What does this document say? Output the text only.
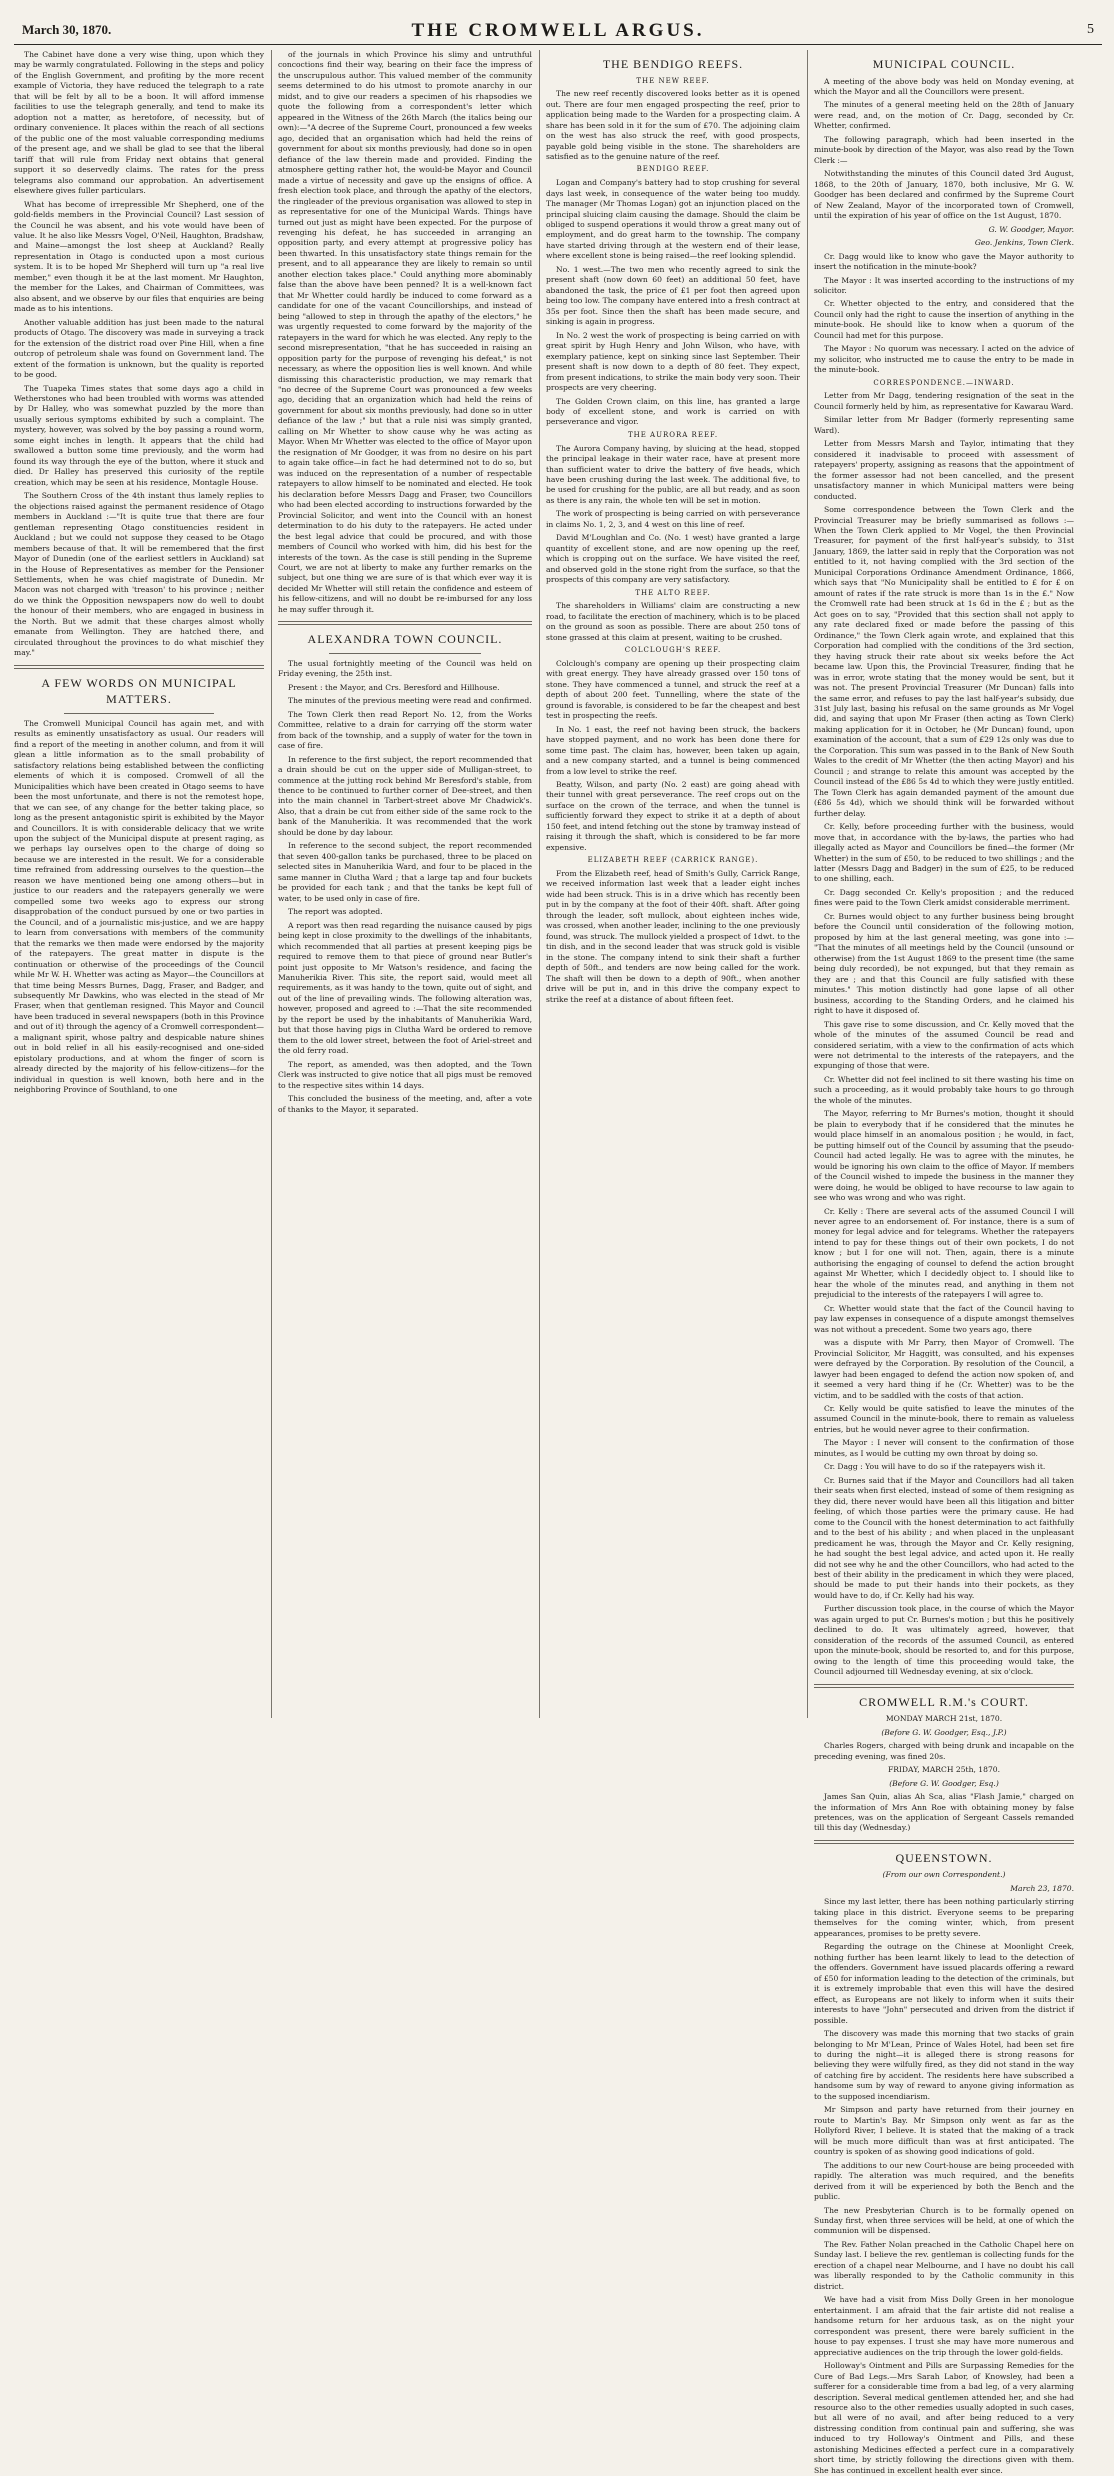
March 30, 1870.	THE CROMWELL ARGUS.	5

The Cabinet have done a very wise thing, upon which they may be warmly congratulated. Following in the steps and policy of the English Government, and profiting by the more recent example of Victoria, they have reduced the telegraph to a rate that will be felt by all to be a boon. It will afford immense facilities to use the telegraph generally, and tend to make its adoption not a matter, as heretofore, of necessity, but of ordinary convenience. It places within the reach of all sections of the public one of the most valuable corresponding mediums of the present age, and we shall be glad to see that the liberal tariff that will rule from Friday next obtains that general support it so deservedly claims. The rates for the press telegrams also command our approbation. An advertisement elsewhere gives fuller particulars.

What has become of irrepressible Mr Shepherd, one of the gold-fields members in the Provincial Council? Last session of the Council he was absent, and his vote would have been of value. It he also like Messrs Vogel, O'Neil, Haughton, Bradshaw, and Maine—amongst the lost sheep at Auckland? Really representation in Otago is conducted upon a most curious system. It is to be hoped Mr Shepherd will turn up "a real live member," even though it be at the last moment. Mr Haughton, the member for the Lakes, and Chairman of Committees, was also absent, and we observe by our files that enquiries are being made as to his intentions.

Another valuable addition has just been made to the natural products of Otago. The discovery was made in surveying a track for the extension of the district road over Pine Hill, when a fine outcrop of petroleum shale was found on Government land. The extent of the formation is unknown, but the quality is reported to be good.

The Tuapeka Times states that some days ago a child in Wetherstones who had been troubled with worms was attended by Dr Halley, who was somewhat puzzled by the more than usually serious symptoms exhibited by such a complaint. The mystery, however, was solved by the boy passing a round worm, some eight inches in length. It appears that the child had swallowed a button some time previously, and the worm had found its way through the eye of the button, where it stuck and died. Dr Halley has preserved this curiosity of the reptile creation, which may be seen at his residence, Montagle House.

The Southern Cross of the 4th instant thus lamely replies to the objections raised against the permanent residence of Otago members in Auckland :—"It is quite true that there are four gentleman representing Otago constituencies resident in Auckland ; but we could not suppose they ceased to be Otago members because of that. It will be remembered that the first Mayor of Dunedin (one of the earliest settlers in Auckland) sat in the House of Representatives as member for the Pensioner Settlements, when he was chief magistrate of Dunedin. Mr Macon was not charged with 'treason' to his province ; neither do we think the Opposition newspapers now do well to doubt the honour of their members, who are engaged in business in the North. But we admit that these charges almost wholly emanate from Wellington. They are hatched there, and circulated throughout the provinces to do what mischief they may."

A FEW WORDS ON MUNICIPAL MATTERS.

The Cromwell Municipal Council has again met, and with results as eminently unsatisfactory as usual. Our readers will find a report of the meeting in another column, and from it will glean a little information as to the small probability of satisfactory relations being established between the conflicting elements of which it is composed. Cromwell of all the Municipalities which have been created in Otago seems to have been the most unfortunate, and there is not the remotest hope, that we can see, of any change for the better taking place, so long as the present antagonistic spirit is exhibited by the Mayor and Councillors. It is with considerable delicacy that we write upon the subject of the Municipal dispute at present raging, as we perhaps lay ourselves open to the charge of doing so because we are interested in the result. We for a considerable time refrained from addressing ourselves to the question—the reason we have mentioned being one among others—but in justice to our readers and the ratepayers generally we were compelled some two weeks ago to express our strong disapprobation of the conduct pursued by one or two parties in the Council, and of a journalistic mis-justice, and we are happy to learn from conversations with members of the community that the remarks we then made were endorsed by the majority of the ratepayers. The great matter in dispute is the continuation or otherwise of the proceedings of the Council while Mr W. H. Whetter was acting as Mayor—the Councillors at that time being Messrs Burnes, Dagg, Fraser, and Badger, and subsequently Mr Dawkins, who was elected in the stead of Mr Fraser, when that gentleman resigned. This Mayor and Council have been traduced in several newspapers (both in this Province and out of it) through the agency of a Cromwell correspondent—a malignant spirit, whose paltry and despicable nature shines out in bold relief in all his easily-recognised and one-sided epistolary productions, and at whom the finger of scorn is already directed by the majority of his fellow-citizens—for the individual in question is well known, both here and in the neighboring Province of Southland, to one

of the journals in which Province his slimy and untruthful concoctions find their way, bearing on their face the impress of the unscrupulous author. This valued member of the community seems determined to do his utmost to promote anarchy in our midst, and to give our readers a specimen of his rhapsodies we quote the following from a correspondent's letter which appeared in the Witness of the 26th March (the italics being our own):—"A decree of the Supreme Court, pronounced a few weeks ago, decided that an organisation which had held the reins of government for about six months previously, had done so in open defiance of the law therein made and provided. Finding the atmosphere getting rather hot, the would-be Mayor and Council made a virtue of necessity and gave up the ensigns of office. A fresh election took place, and through the apathy of the electors, the ringleader of the previous organisation was allowed to step in as representative for one of the Municipal Wards. Things have turned out just as might have been expected. For the purpose of revenging his defeat, he has succeeded in arranging an opposition party, and every attempt at progressive policy has been thwarted. In this unsatisfactory state things remain for the present, and to all appearance they are likely to remain so until another election takes place." Could anything more abominably false than the above have been penned? It is a well-known fact that Mr Whetter could hardly be induced to come forward as a candidate for one of the vacant Councillorships, and instead of being "allowed to step in through the apathy of the electors," he was urgently requested to come forward by the majority of the ratepayers in the ward for which he was elected. Any reply to the second misrepresentation, "that he has succeeded in raising an opposition party for the purpose of revenging his defeat," is not necessary, as where the opposition lies is well known. And while dismissing this characteristic production, we may remark that "no decree of the Supreme Court was pronounced a few weeks ago, deciding that an organization which had held the reins of government for about six months previously, had done so in utter defiance of the law ;" but that a rule nisi was simply granted, calling on Mr Whetter to show cause why he was acting as Mayor. When Mr Whetter was elected to the office of Mayor upon the resignation of Mr Goodger, it was from no desire on his part to again take office—in fact he had determined not to do so, but was induced on the representation of a number of respectable ratepayers to allow himself to be nominated and elected. He took his declaration before Messrs Dagg and Fraser, two Councillors who had been elected according to instructions forwarded by the Provincial Solicitor, and went into the Council with an honest determination to do his duty to the ratepayers. He acted under the best legal advice that could be procured, and with those members of Council who worked with him, did his best for the interests of the town. As the case is still pending in the Supreme Court, we are not at liberty to make any further remarks on the subject, but one thing we are sure of is that which ever way it is decided Mr Whetter will still retain the confidence and esteem of his fellow-citizens, and will no doubt be re-imbursed for any loss he may suffer through it.

ALEXANDRA TOWN COUNCIL.

The usual fortnightly meeting of the Council was held on Friday evening, the 25th inst.

Present : the Mayor, and Crs. Beresford and Hillhouse.

The minutes of the previous meeting were read and confirmed.

The Town Clerk then read Report No. 12, from the Works Committee, relative to a drain for carrying off the storm water from back of the township, and a supply of water for the town in case of fire.

In reference to the first subject, the report recommended that a drain should be cut on the upper side of Mulligan-street, to commence at the jutting rock behind Mr Beresford's stable, from thence to be continued to further corner of Dee-street, and then into the main channel in Tarbert-street above Mr Chadwick's. Also, that a drain be cut from either side of the same rock to the bank of the Manuherikia. It was recommended that the work should be done by day labour.

In reference to the second subject, the report recommended that seven 400-gallon tanks be purchased, three to be placed on selected sites in Manuherikia Ward, and four to be placed in the same manner in Clutha Ward ; that a large tap and four buckets be provided for each tank ; and that the tanks be kept full of water, to be used only in case of fire.

The report was adopted.

A report was then read regarding the nuisance caused by pigs being kept in close proximity to the dwellings of the inhabitants, which recommended that all parties at present keeping pigs be required to remove them to that piece of ground near Butler's point just opposite to Mr Watson's residence, and facing the Manuherikia River. This site, the report said, would meet all requirements, as it was handy to the town, quite out of sight, and out of the line of prevailing winds. The following alteration was, however, proposed and agreed to :—That the site recommended by the report be used by the inhabitants of Manuherikia Ward, but that those having pigs in Clutha Ward be ordered to remove them to the old lower street, between the foot of Ariel-street and the old ferry road.

The report, as amended, was then adopted, and the Town Clerk was instructed to give notice that all pigs must be removed to the respective sites within 14 days.

This concluded the business of the meeting, and, after a vote of thanks to the Mayor, it separated.

THE BENDIGO REEFS.
THE NEW REEF.

The new reef recently discovered looks better as it is opened out. There are four men engaged prospecting the reef, prior to application being made to the Warden for a prospecting claim. A share has been sold in it for the sum of £70. The adjoining claim on the west has also struck the reef, with good prospects, payable gold being visible in the stone. The shareholders are satisfied as to the genuine nature of the reef.

BENDIGO REEF.

Logan and Company's battery had to stop crushing for several days last week, in consequence of the water being too muddy. The manager (Mr Thomas Logan) got an injunction placed on the principal sluicing claim causing the damage. Should the claim be obliged to suspend operations it would throw a great many out of employment, and do great harm to the township. The company have started driving through at the western end of their lease, where excellent stone is being raised—the reef looking splendid.

No. 1 west.—The two men who recently agreed to sink the present shaft (now down 60 feet) an additional 50 feet, have abandoned the task, the price of £1 per foot then agreed upon being too low. The company have entered into a fresh contract at 35s per foot. Since then the shaft has been made secure, and sinking is again in progress.

In No. 2 west the work of prospecting is being carried on with great spirit by Hugh Henry and John Wilson, who have, with exemplary patience, kept on sinking since last September. Their present shaft is now down to a depth of 80 feet. They expect, from present indications, to strike the main body very soon. Their prospects are very cheering.

The Golden Crown claim, on this line, has granted a large body of excellent stone, and work is carried on with perseverance and vigor.

THE AURORA REEF.

The Aurora Company having, by sluicing at the head, stopped the principal leakage in their water race, have at present more than sufficient water to drive the battery of five heads, which have been crushing during the last week. The additional five, to be used for crushing for the public, are all but ready, and as soon as there is any rain, the whole ten will be set in motion.

The work of prospecting is being carried on with perseverance in claims No. 1, 2, 3, and 4 west on this line of reef.

David M'Loughlan and Co. (No. 1 west) have granted a large quantity of excellent stone, and are now opening up the reef, which is cropping out on the surface. We have visited the reef, and observed gold in the stone right from the surface, so that the prospects of this company are very satisfactory.

THE ALTO REEF.

The shareholders in Williams' claim are constructing a new road, to facilitate the erection of machinery, which is to be placed on the ground as soon as possible. There are about 250 tons of stone grassed at this claim at present, waiting to be crushed.

COLCLOUGH'S REEF.

Colclough's company are opening up their prospecting claim with great energy. They have already grassed over 150 tons of stone. They have commenced a tunnel, and struck the reef at a depth of about 200 feet. Tunnelling, where the state of the ground is favorable, is considered to be far the cheapest and best test in prospecting the reefs.

In No. 1 east, the reef not having been struck, the backers have stopped payment, and no work has been done there for some time past. The claim has, however, been taken up again, and a new company started, and a tunnel is being commenced from a low level to strike the reef.

Beatty, Wilson, and party (No. 2 east) are going ahead with their tunnel with great perseverance. The reef crops out on the surface on the crown of the terrace, and when the tunnel is sufficiently forward they expect to strike it at a depth of about 150 feet, and intend fetching out the stone by tramway instead of raising it through the shaft, which is considered to be far more expensive.

ELIZABETH REEF (CARRICK RANGE).

From the Elizabeth reef, head of Smith's Gully, Carrick Range, we received information last week that a leader eight inches wide had been struck. This is in a drive which has recently been put in by the company at the foot of their 40ft. shaft. After going through the leader, soft mullock, about eighteen inches wide, was crossed, when another leader, inclining to the one previously found, was struck. The mullock yielded a prospect of 1dwt. to the tin dish, and in the second leader that was struck gold is visible in the stone. The company intend to sink their shaft a further depth of 50ft., and tenders are now being called for the work. The shaft will then be down to a depth of 90ft., when another drive will be put in, and in this drive the company expect to strike the reef at a distance of about fifteen feet.

MUNICIPAL COUNCIL.

A meeting of the above body was held on Monday evening, at which the Mayor and all the Councillors were present.

The minutes of a general meeting held on the 28th of January were read, and, on the motion of Cr. Dagg, seconded by Cr. Whetter, confirmed.

The following paragraph, which had been inserted in the minute-book by direction of the Mayor, was also read by the Town Clerk :—

Notwithstanding the minutes of this Council dated 3rd August, 1868, to the 20th of January, 1870, both inclusive, Mr G. W. Goodger has been declared and confirmed by the Supreme Court of New Zealand, Mayor of the incorporated town of Cromwell, until the expiration of his year of office on the 1st August, 1870.

G. W. Goodger, Mayor.
Geo. Jenkins, Town Clerk.

Cr. Dagg would like to know who gave the Mayor authority to insert the notification in the minute-book?

The Mayor : It was inserted according to the instructions of my solicitor.

Cr. Whetter objected to the entry, and considered that the Council only had the right to cause the insertion of anything in the minute-book. He should like to know when a quorum of the Council had met for this purpose.

The Mayor : No quorum was necessary. I acted on the advice of my solicitor, who instructed me to cause the entry to be made in the minute-book.

CORRESPONDENCE.—INWARD.

Letter from Mr Dagg, tendering resignation of the seat in the Council formerly held by him, as representative for Kawarau Ward.

Similar letter from Mr Badger (formerly representing same Ward).

Letter from Messrs Marsh and Taylor, intimating that they considered it inadvisable to proceed with assessment of ratepayers' property, assigning as reasons that the appointment of the former assessor had not been cancelled, and the present unsatisfactory manner in which Municipal matters were being conducted.

Some correspondence between the Town Clerk and the Provincial Treasurer may be briefly summarised as follows :— When the Town Clerk applied to Mr Vogel, the then Provincial Treasurer, for payment of the first half-year's subsidy, to 31st January, 1869, the latter said in reply that the Corporation was not entitled to it, not having complied with the 3rd section of the Municipal Corporations Ordinance Amendment Ordinance, 1866, which says that "No Municipality shall be entitled to £ for £ on amount of rates if the rate struck is more than 1s in the £." Now the Cromwell rate had been struck at 1s 6d in the £ ; but as the Act goes on to say, "Provided that this section shall not apply to any rate declared fixed or made before the passing of this Ordinance," the Town Clerk again wrote, and explained that this Corporation had complied with the conditions of the 3rd section, they having struck their rate about six weeks before the Act became law. Upon this, the Provincial Treasurer, finding that he was in error, wrote stating that the money would be sent, but it was not. The present Provincial Treasurer (Mr Duncan) falls into the same error, and refuses to pay the last half-year's subsidy, due 31st July last, basing his refusal on the same grounds as Mr Vogel did, and saying that upon Mr Fraser (then acting as Town Clerk) making application for it in October, he (Mr Duncan) found, upon examination of the account, that a sum of £29 12s only was due to the Corporation. This sum was passed in to the Bank of New South Wales to the credit of Mr Whetter (the then acting Mayor) and his Council ; and strange to relate this amount was accepted by the Council instead of the £86 5s 4d to which they were justly entitled. The Town Clerk has again demanded payment of the amount due (£86 5s 4d), which we should think will be forwarded without further delay.

Cr. Kelly, before proceeding further with the business, would move that, in accordance with the by-laws, the parties who had illegally acted as Mayor and Councillors be fined—the former (Mr Whetter) in the sum of £50, to be reduced to two shillings ; and the latter (Messrs Dagg and Badger) in the sum of £25, to be reduced to one shilling, each.

Cr. Dagg seconded Cr. Kelly's proposition ; and the reduced fines were paid to the Town Clerk amidst considerable merriment.

Cr. Burnes would object to any further business being brought before the Council until consideration of the following motion, proposed by him at the last general meeting, was gone into :— "That the minutes of all meetings held by the Council (unsound or otherwise) from the 1st August 1869 to the present time (the same being duly recorded), be not expunged, but that they remain as they are ; and that this Council are fully satisfied with these minutes." This motion distinctly had gone lapse of all other business, according to the Standing Orders, and he claimed his right to have it disposed of.

This gave rise to some discussion, and Cr. Kelly moved that the whole of the minutes of the assumed Council be read and considered seriatim, with a view to the confirmation of acts which were not detrimental to the interests of the ratepayers, and the expunging of those that were.

Cr. Whetter did not feel inclined to sit there wasting his time on such a proceeding, as it would probably take hours to go through the whole of the minutes.

The Mayor, referring to Mr Burnes's motion, thought it should be plain to everybody that if he considered that the minutes he would place himself in an anomalous position ; he would, in fact, be putting himself out of the Council by assuming that the pseudo-Council had acted legally. He was to agree with the minutes, he would be ignoring his own claim to the office of Mayor. If members of the Council wished to impede the business in the manner they were doing, he would be obliged to have recourse to law again to see who was wrong and who was right.

Cr. Kelly : There are several acts of the assumed Council I will never agree to an endorsement of. For instance, there is a sum of money for legal advice and for telegrams. Whether the ratepayers intend to pay for these things out of their own pockets, I do not know ; but I for one will not. Then, again, there is a minute authorising the engaging of counsel to defend the action brought against Mr Whetter, which I decidedly object to. I should like to hear the whole of the minutes read, and anything in them not prejudicial to the interests of the ratepayers I will agree to.

Cr. Whetter would state that the fact of the Council having to pay law expenses in consequence of a dispute amongst themselves was not without a precedent. Some two years ago, there

was a dispute with Mr Parry, then Mayor of Cromwell. The Provincial Solicitor, Mr Haggitt, was consulted, and his expenses were defrayed by the Corporation. By resolution of the Council, a lawyer had been engaged to defend the action now spoken of, and it seemed a very hard thing if he (Cr. Whetter) was to be the victim, and to be saddled with the costs of that action.

Cr. Kelly would be quite satisfied to leave the minutes of the assumed Council in the minute-book, there to remain as valueless entries, but he would never agree to their confirmation.

The Mayor : I never will consent to the confirmation of those minutes, as I would be cutting my own throat by doing so.

Cr. Dagg : You will have to do so if the ratepayers wish it.

Cr. Burnes said that if the Mayor and Councillors had all taken their seats when first elected, instead of some of them resigning as they did, there never would have been all this litigation and bitter feeling, of which those parties were the primary cause. He had come to the Council with the honest determination to act faithfully and to the best of his ability ; and when placed in the unpleasant predicament he was, through the Mayor and Cr. Kelly resigning, he had sought the best legal advice, and acted upon it. He really did not see why he and the other Councillors, who had acted to the best of their ability in the predicament in which they were placed, should be made to put their hands into their pockets, as they would have to do, if Cr. Kelly had his way.

Further discussion took place, in the course of which the Mayor was again urged to put Cr. Burnes's motion ; but this he positively declined to do. It was ultimately agreed, however, that consideration of the records of the assumed Council, as entered upon the minute-book, should be resorted to, and for this purpose, owing to the length of time this proceeding would take, the Council adjourned till Wednesday evening, at six o'clock.

CROMWELL R.M.'s COURT.
MONDAY MARCH 21st, 1870.
(Before G. W. Goodger, Esq., J.P.)

Charles Rogers, charged with being drunk and incapable on the preceding evening, was fined 20s.

FRIDAY, MARCH 25th, 1870.
(Before G. W. Goodger, Esq.)

James San Quin, alias Ah Sca, alias "Flash Jamie," charged on the information of Mrs Ann Roe with obtaining money by false pretences, was on the application of Sergeant Cassels remanded till this day (Wednesday.)

QUEENSTOWN.
(From our own Correspondent.)
March 23, 1870.

Since my last letter, there has been nothing particularly stirring taking place in this district. Everyone seems to be preparing themselves for the coming winter, which, from present appearances, promises to be pretty severe.

Regarding the outrage on the Chinese at Moonlight Creek, nothing further has been learnt likely to lead to the detection of the offenders. Government have issued placards offering a reward of £50 for information leading to the detection of the criminals, but it is extremely improbable that even this will have the desired effect, as Europeans are not likely to inform when it suits their interests to have "John" persecuted and driven from the district if possible.

The discovery was made this morning that two stacks of grain belonging to Mr M'Lean, Prince of Wales Hotel, had been set fire to during the night—it is alleged there is strong reasons for believing they were wilfully fired, as they did not stand in the way of catching fire by accident. The residents here have subscribed a handsome sum by way of reward to anyone giving information as to the supposed incendiarism.

Mr Simpson and party have returned from their journey en route to Martin's Bay. Mr Simpson only went as far as the Hollyford River, I believe. It is stated that the making of a track will be much more difficult than was at first anticipated. The country is spoken of as showing good indications of gold.

The additions to our new Court-house are being proceeded with rapidly. The alteration was much required, and the benefits derived from it will be experienced by both the Bench and the public.

The new Presbyterian Church is to be formally opened on Sunday first, when three services will be held, at one of which the communion will be dispensed.

The Rev. Father Nolan preached in the Catholic Chapel here on Sunday last. I believe the rev. gentleman is collecting funds for the erection of a chapel near Melbourne, and I have no doubt his call was liberally responded to by the Catholic community in this district.

We have had a visit from Miss Dolly Green in her monologue entertainment. I am afraid that the fair artiste did not realise a handsome return for her arduous task, as on the night your correspondent was present, there were barely sufficient in the house to pay expenses. I trust she may have more numerous and appreciative audiences on the trip through the lower gold-fields.

Holloway's Ointment and Pills are Surpassing Remedies for the Cure of Bad Legs.—Mrs Sarah Labor, of Knowsley, had been a sufferer for a considerable time from a bad leg, of a very alarming description. Several medical gentlemen attended her, and she had resource also to the other remedies usually adopted in such cases, but all were of no avail, and after being reduced to a very distressing condition from continual pain and suffering, she was induced to try Holloway's Ointment and Pills, and these astonishing Medicines effected a perfect cure in a comparatively short time, by strictly following the directions given with them. She has continued in excellent health ever since.
